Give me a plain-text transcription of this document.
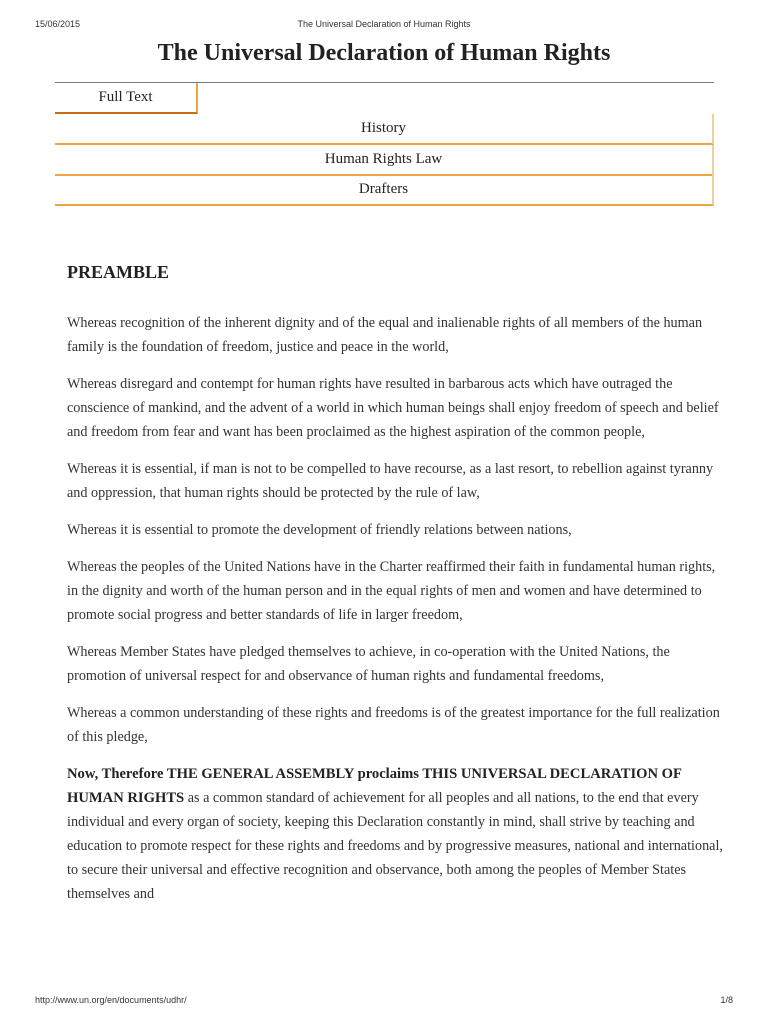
The Universal Declaration of Human Rights
15/06/2015
The Universal Declaration of Human Rights
Full Text
History
Human Rights Law
Drafters
PREAMBLE

Whereas recognition of the inherent dignity and of the equal and inalienable rights of all members of the human family is the foundation of freedom, justice and peace in the world,

Whereas disregard and contempt for human rights have resulted in barbarous acts which have outraged the conscience of mankind, and the advent of a world in which human beings shall enjoy freedom of speech and belief and freedom from fear and want has been proclaimed as the highest aspiration of the common people,

Whereas it is essential, if man is not to be compelled to have recourse, as a last resort, to rebellion against tyranny and oppression, that human rights should be protected by the rule of law,

Whereas it is essential to promote the development of friendly relations between nations,

Whereas the peoples of the United Nations have in the Charter reaffirmed their faith in fundamental human rights, in the dignity and worth of the human person and in the equal rights of men and women and have determined to promote social progress and better standards of life in larger freedom,

Whereas Member States have pledged themselves to achieve, in co-operation with the United Nations, the promotion of universal respect for and observance of human rights and fundamental freedoms,

Whereas a common understanding of these rights and freedoms is of the greatest importance for the full realization of this pledge,

Now, Therefore THE GENERAL ASSEMBLY proclaims THIS UNIVERSAL DECLARATION OF HUMAN RIGHTS as a common standard of achievement for all peoples and all nations, to the end that every individual and every organ of society, keeping this Declaration constantly in mind, shall strive by teaching and education to promote respect for these rights and freedoms and by progressive measures, national and international, to secure their universal and effective recognition and observance, both among the peoples of Member States themselves and

http://www.un.org/en/documents/udhr/	1/8
